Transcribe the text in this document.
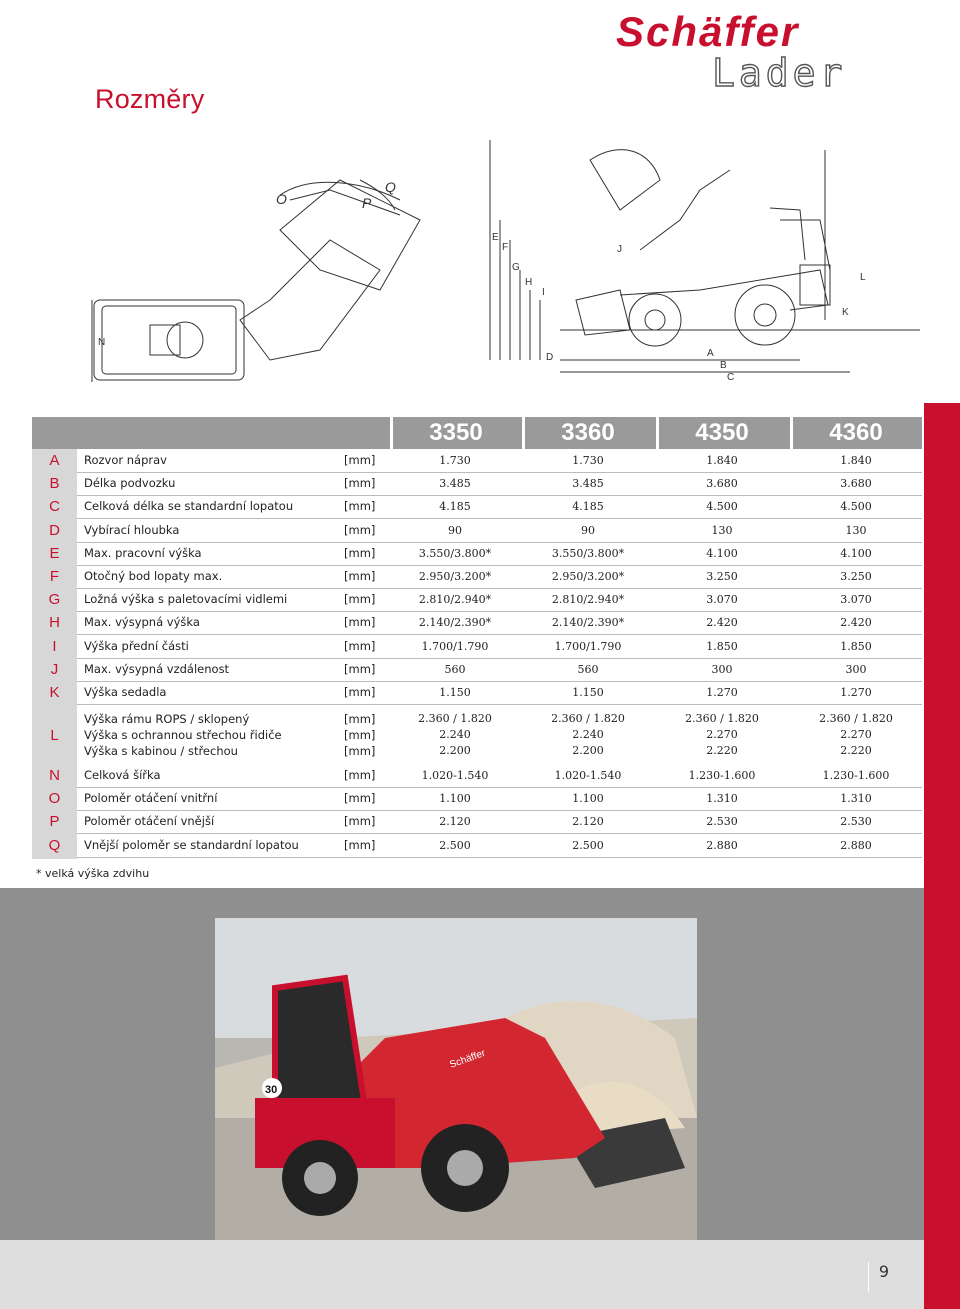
Schäffer
Lader
Rozměry
O	P
Q
N
A
B
C
D
E
F
G
H
I
J
K
L
3350	3360	4350	4360
A	Rozvor náprav	[mm]	1.730	1.730	1.840	1.840
B	Délka podvozku	[mm]	3.485	3.485	3.680	3.680
C	Celková délka se standardní lopatou	[mm]	4.185	4.185	4.500	4.500
D	Vybírací hloubka	[mm]	90	90	130	130
E	Max. pracovní výška	[mm]	3.550/3.800*	3.550/3.800*	4.100	4.100
F	Otočný bod lopaty max.	[mm]	2.950/3.200*	2.950/3.200*	3.250	3.250
G	Ložná výška s paletovacími vidlemi	[mm]	2.810/2.940*	2.810/2.940*	3.070	3.070
H	Max. výsypná výška	[mm]	2.140/2.390*	2.140/2.390*	2.420	2.420
I	Výška přední části	[mm]	1.700/1.790	1.700/1.790	1.850	1.850
J	Max. výsypná vzdálenost	[mm]	560	560	300	300
K	Výška sedadla	[mm]	1.150	1.150	1.270	1.270
L
Výška rámu ROPS / sklopený	[mm]	2.360 / 1.820	2.360 / 1.820	2.360 / 1.820	2.360 / 1.820
Výška s ochrannou střechou řidiče	[mm]	2.240	2.240	2.270	2.270
Výška s kabinou / střechou	[mm]	2.200	2.200	2.220	2.220
N	Celková šířka	[mm]	1.020-1.540	1.020-1.540	1.230-1.600	1.230-1.600
O	Poloměr otáčení vnitřní	[mm]	1.100	1.100	1.310	1.310
P	Poloměr otáčení vnější	[mm]	2.120	2.120	2.530	2.530
Q	Vnější poloměr se standardní lopatou	[mm]	2.500	2.500	2.880	2.880
* velká výška zdvihu
30
Schäffer
9
